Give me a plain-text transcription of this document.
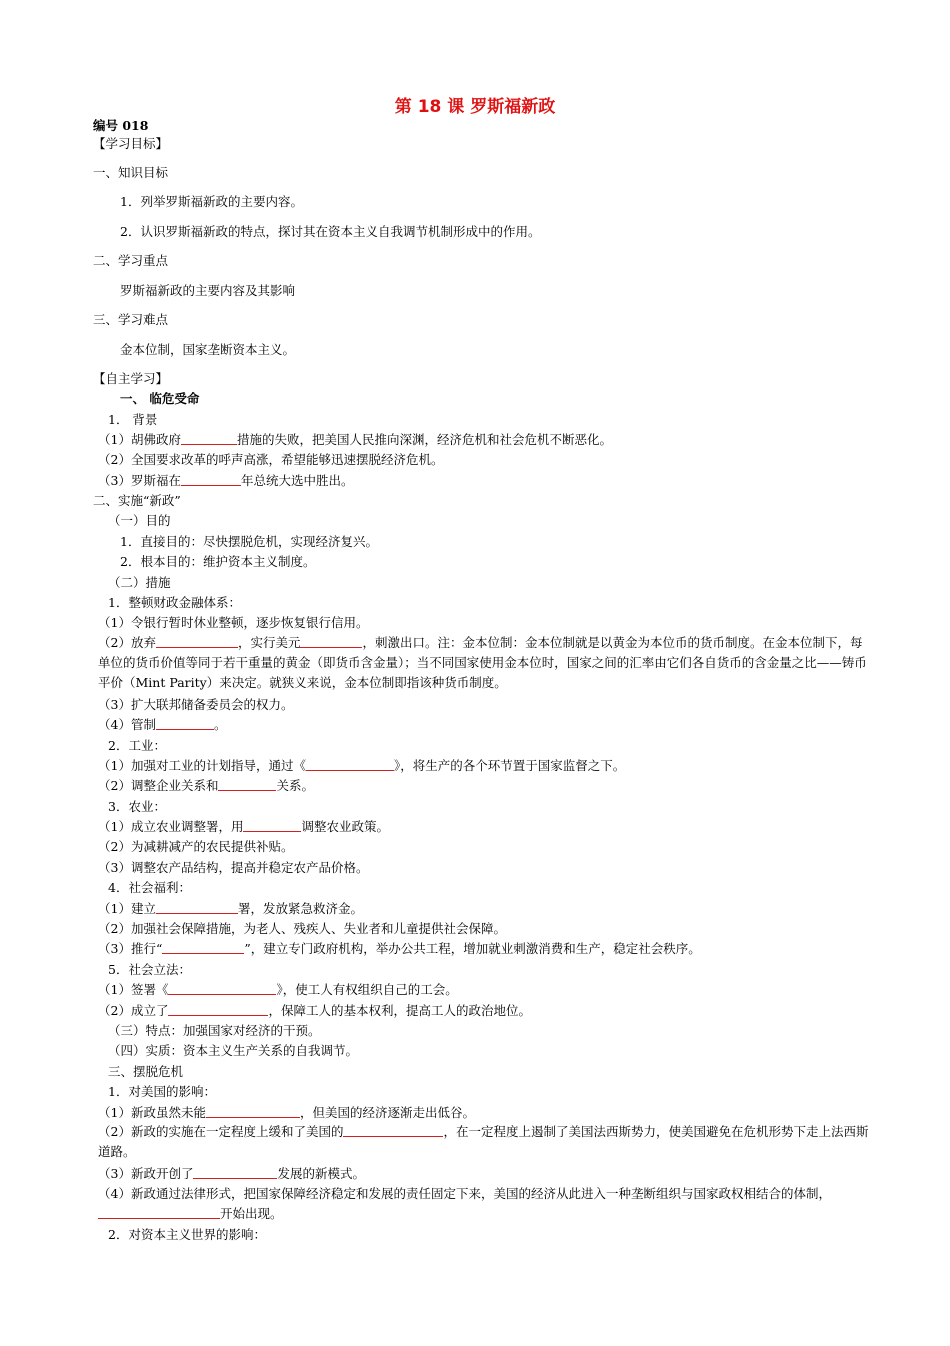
第 18 课 罗斯福新政
编号 018
【学习目标】
一、知识目标
1．列举罗斯福新政的主要内容。
2．认识罗斯福新政的特点，探讨其在资本主义自我调节机制形成中的作用。
二、学习重点
罗斯福新政的主要内容及其影响
三、学习难点
金本位制，国家垄断资本主义。
【自主学习】
一、 临危受命
1． 背景
（1）胡佛政府	措施的失败，把美国人民推向深渊，经济危机和社会危机不断恶化。
（2）全国要求改革的呼声高涨，希望能够迅速摆脱经济危机。
（3）罗斯福在	年总统大选中胜出。
二、实施“新政”
（一）目的
1．直接目的：尽快摆脱危机，实现经济复兴。
2．根本目的：维护资本主义制度。
（二）措施
1．整顿财政金融体系：
（1）令银行暂时休业整顿，逐步恢复银行信用。
（2）放弃	，实行美元	，刺激出口。注：金本位制：金本位制就是以黄金为本位币的货币制度。在金本位制下，每单位的货币价值等同于若干重量的黄金（即货币含金量）；当不同国家使用金本位时，国家之间的汇率由它们各自货币的含金量之比——铸币平价（Mint Parity）来决定。就狭义来说，金本位制即指该种货币制度。
（3）扩大联邦储备委员会的权力。
（4）管制	。
2．工业：
（1）加强对工业的计划指导，通过《	》，将生产的各个环节置于国家监督之下。
（2）调整企业关系和	关系。
3．农业：
（1）成立农业调整署，用	调整农业政策。
（2）为减耕减产的农民提供补贴。
（3）调整农产品结构，提高并稳定农产品价格。
4．社会福利：
（1）建立	署，发放紧急救济金。
（2）加强社会保障措施，为老人、残疾人、失业者和儿童提供社会保障。
（3）推行“	”，建立专门政府机构，举办公共工程，增加就业刺激消费和生产，稳定社会秩序。
5．社会立法：
（1）签署《	》，使工人有权组织自己的工会。
（2）成立了	，保障工人的基本权利，提高工人的政治地位。
（三）特点：加强国家对经济的干预。
（四）实质：资本主义生产关系的自我调节。
三、摆脱危机
1．对美国的影响：
（1）新政虽然未能	，但美国的经济逐渐走出低谷。
（2）新政的实施在一定程度上缓和了美国的	，在一定程度上遏制了美国法西斯势力，使美国避免在危机形势下走上法西斯道路。
（3）新政开创了	发展的新模式。
（4）新政通过法律形式，把国家保障经济稳定和发展的责任固定下来，美国的经济从此进入一种垄断组织与国家政权相结合的体制，开始出现。
2．对资本主义世界的影响：
